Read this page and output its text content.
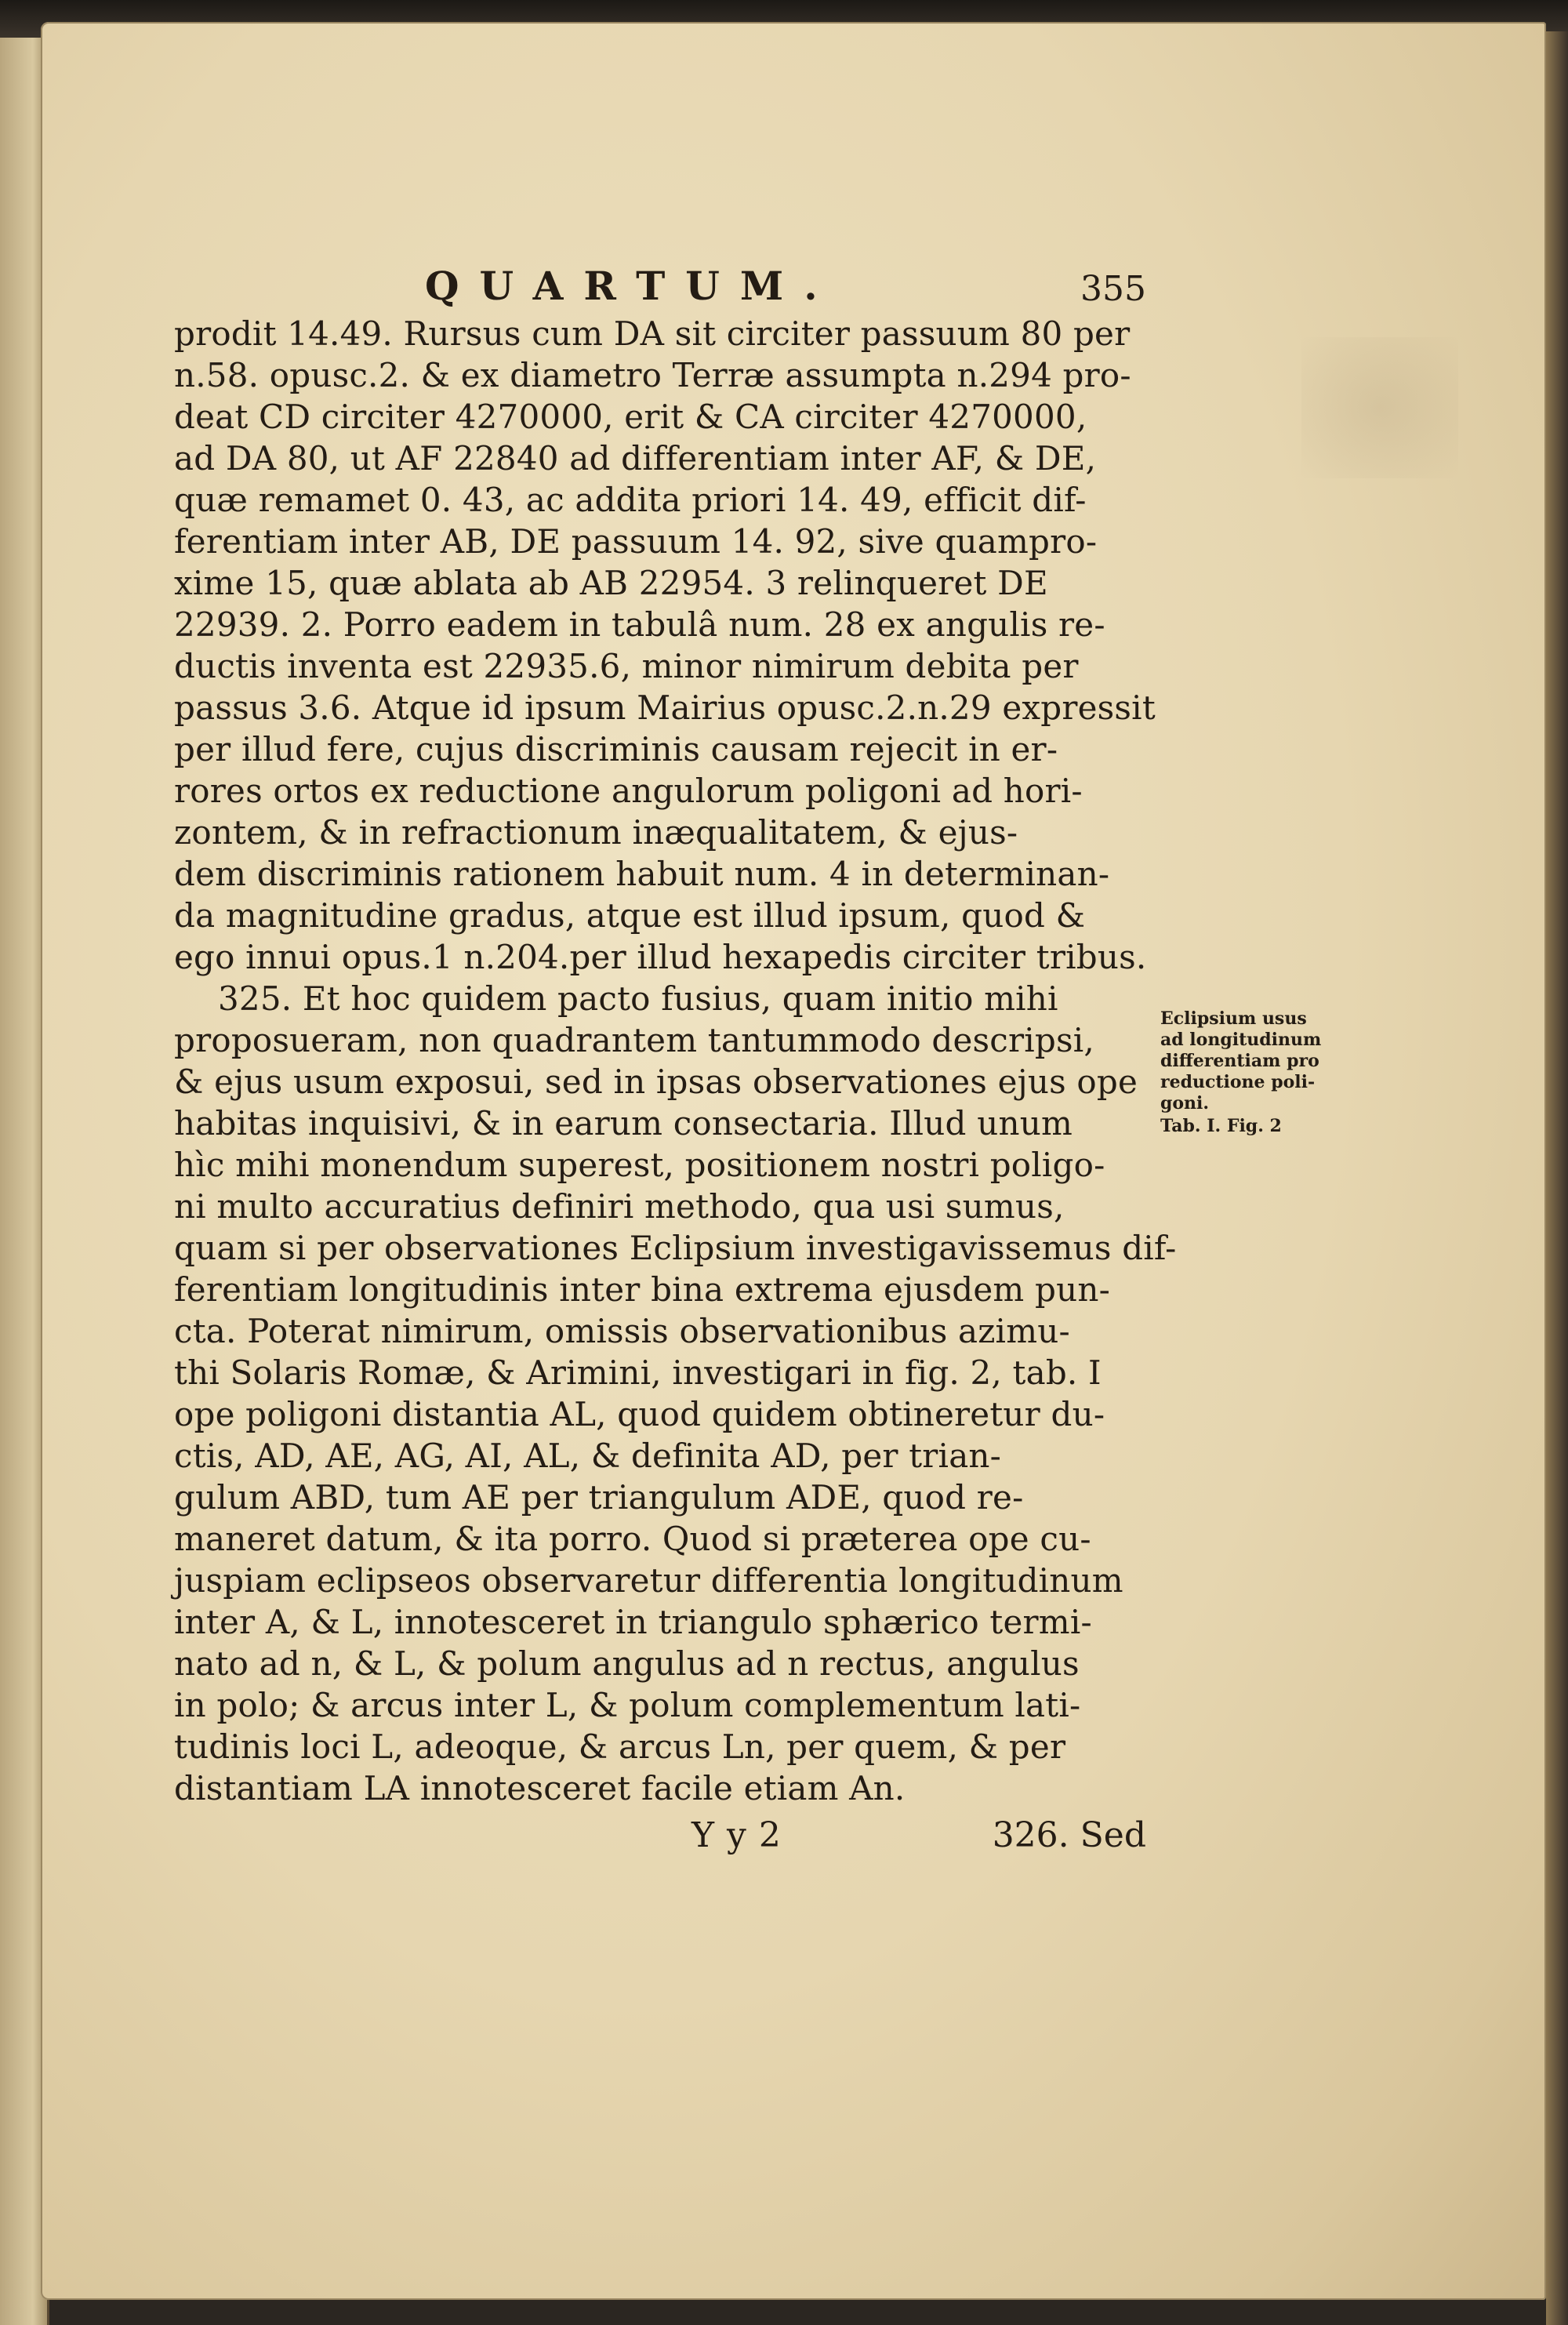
QUARTUM.	355
prodit 14.49. Rursus cum DA sit circiter passuum 80 per
n.58. opusc.2. & ex diametro Terræ assumpta n.294 pro-
deat CD circiter 4270000, erit & CA circiter 4270000,
ad DA 80, ut AF 22840 ad differentiam inter AF, & DE,
quæ remamet 0. 43, ac addita priori 14. 49, efficit dif-
ferentiam inter AB, DE passuum 14. 92, sive quampro-
xime 15, quæ ablata ab AB 22954. 3 relinqueret DE
22939. 2. Porro eadem in tabulâ num. 28 ex angulis re-
ductis inventa est 22935.6, minor nimirum debita per
passus 3.6. Atque id ipsum Mairius opusc.2.n.29 expressit
per illud fere, cujus discriminis causam rejecit in er-
rores ortos ex reductione angulorum poligoni ad hori-
zontem, & in refractionum inæqualitatem, & ejus-
dem discriminis rationem habuit num. 4 in determinan-
da magnitudine gradus, atque est illud ipsum, quod &
ego innui opus.1 n.204.per illud hexapedis circiter tribus.
325. Et hoc quidem pacto fusius, quam initio mihi
proposueram, non quadrantem tantummodo descripsi,
& ejus usum exposui, sed in ipsas observationes ejus ope
habitas inquisivi, & in earum consectaria. Illud unum
hìc mihi monendum superest, positionem nostri poligo-
ni multo accuratius definiri methodo, qua usi sumus,
quam si per observationes Eclipsium investigavissemus dif-
ferentiam longitudinis inter bina extrema ejusdem pun-
cta. Poterat nimirum, omissis observationibus azimu-
thi Solaris Romæ, & Arimini, investigari in fig. 2, tab. I
ope poligoni distantia AL, quod quidem obtineretur du-
ctis, AD, AE, AG, AI, AL, & definita AD, per trian-
gulum ABD, tum AE per triangulum ADE, quod re-
maneret datum, & ita porro. Quod si præterea ope cu-
juspiam eclipseos observaretur differentia longitudinum
inter A, & L, innotesceret in triangulo sphærico termi-
nato ad n, & L, & polum angulus ad n rectus, angulus
in polo; & arcus inter L, & polum complementum lati-
tudinis loci L, adeoque, & arcus Ln, per quem, & per
distantiam LA innotesceret facile etiam An.
Yy2	326. Sed
Eclipsium usus
ad longitudinum
differentiam pro
reductione poli-
goni.
Tab. I. Fig. 2
